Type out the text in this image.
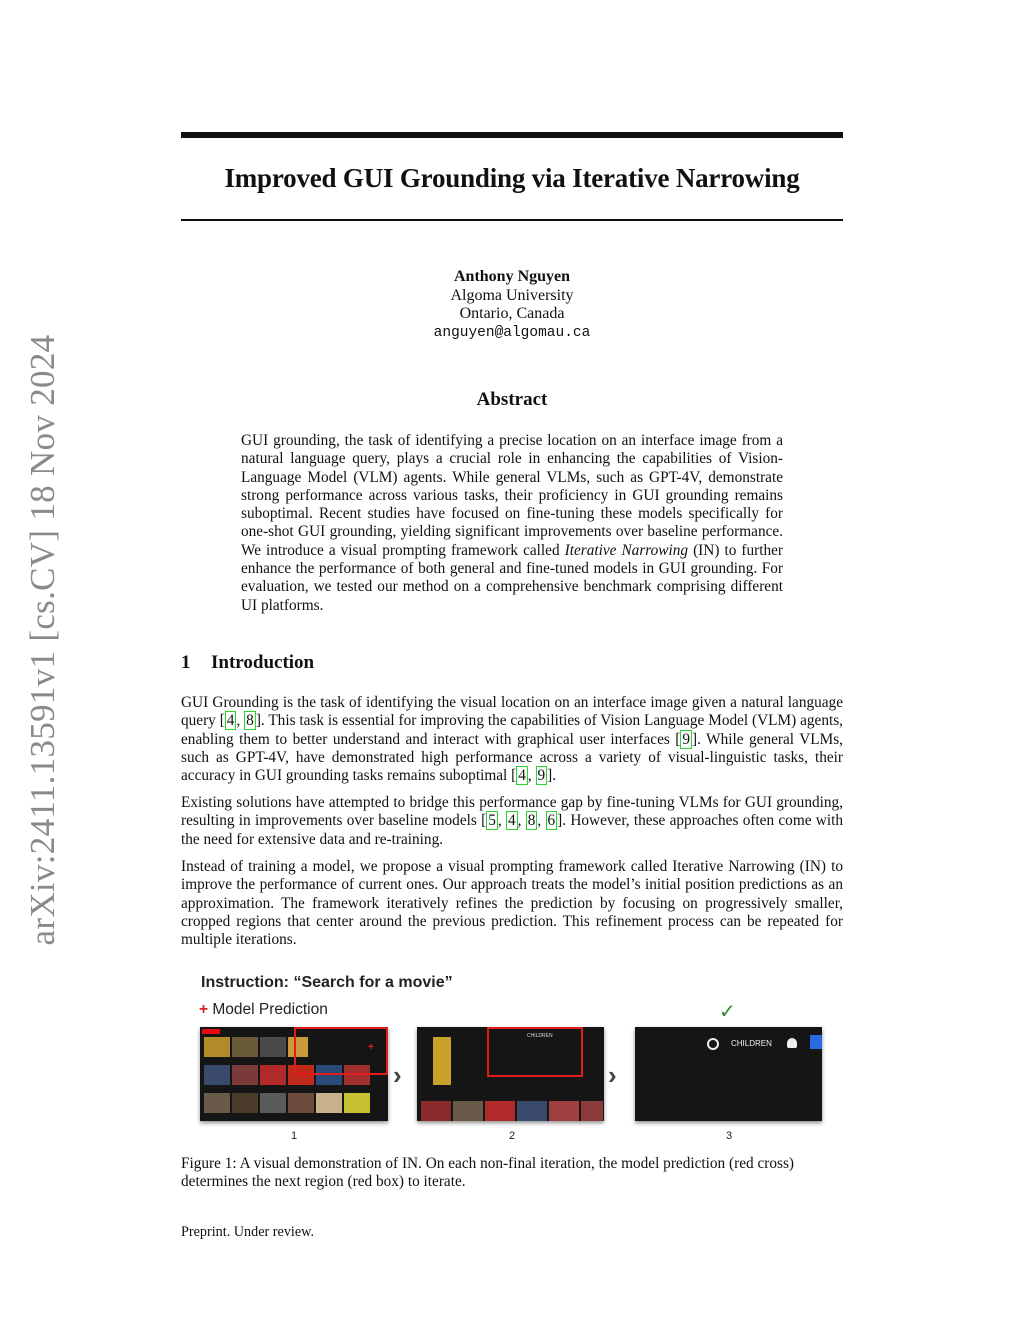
arXiv:2411.13591v1 [cs.CV] 18 Nov 2024
Improved GUI Grounding via Iterative Narrowing
Anthony Nguyen
Algoma University
Ontario, Canada
anguyen@algomau.ca
Abstract
GUI grounding, the task of identifying a precise location on an interface image from a natural language query, plays a crucial role in enhancing the capabilities of Vision-Language Model (VLM) agents. While general VLMs, such as GPT-4V, demonstrate strong performance across various tasks, their proficiency in GUI grounding remains suboptimal. Recent studies have focused on fine-tuning these models specifically for one-shot GUI grounding, yielding significant improvements over baseline performance. We introduce a visual prompting framework called Iterative Narrowing (IN) to further enhance the performance of both general and fine-tuned models in GUI grounding. For evaluation, we tested our method on a comprehensive benchmark comprising different UI platforms.
1 Introduction
GUI Grounding is the task of identifying the visual location on an interface image given a natural language query [ 4 , 8 ]. This task is essential for improving the capabilities of Vision Language Model (VLM) agents, enabling them to better understand and interact with graphical user interfaces [ 9 ]. While general VLMs, such as GPT-4V, have demonstrated high performance across a variety of visual-linguistic tasks, their accuracy in GUI grounding tasks remains suboptimal [ 4 , 9 ].
Existing solutions have attempted to bridge this performance gap by fine-tuning VLMs for GUI grounding, resulting in improvements over baseline models [ 5 , 4 , 8 , 6 ]. However, these approaches often come with the need for extensive data and re-training.
Instead of training a model, we propose a visual prompting framework called Iterative Narrowing (IN) to improve the performance of current ones. Our approach treats the model’s initial position predictions as an approximation. The framework iteratively refines the prediction by focusing on progressively smaller, cropped regions that center around the previous prediction. This refinement process can be repeated for multiple iterations.
Instruction: “Search for a movie”
+ Model Prediction	✓
+
›
CHILDREN
›
CHILDREN
1	2	3
Figure 1: A visual demonstration of IN. On each non-final iteration, the model prediction (red cross) determines the next region (red box) to iterate.
Preprint. Under review.
